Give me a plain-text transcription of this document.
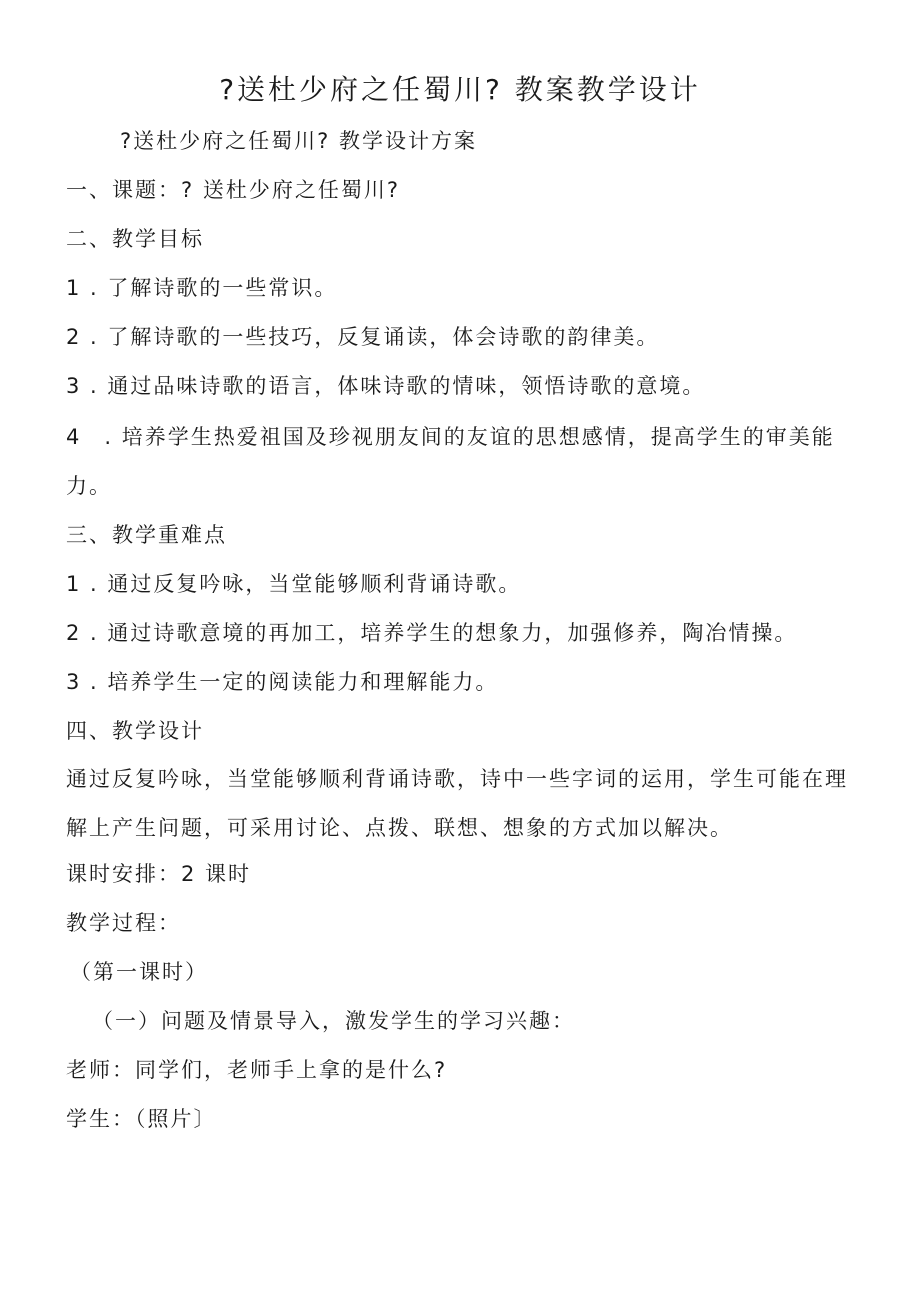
?送杜少府之任蜀川? 教案教学设计
?送杜少府之任蜀川? 教学设计方案
一、课题：? 送杜少府之任蜀川?
二、教学目标
1 . 了解诗歌的一些常识。
2 . 了解诗歌的一些技巧，反复诵读，体会诗歌的韵律美。
3 . 通过品味诗歌的语言，体味诗歌的情味，领悟诗歌的意境。
4　. 培养学生热爱祖国及珍视朋友间的友谊的思想感情，提高学生的审美能
力。
三、教学重难点
1 . 通过反复吟咏，当堂能够顺利背诵诗歌。
2 . 通过诗歌意境的再加工，培养学生的想象力，加强修养，陶冶情操。
3 . 培养学生一定的阅读能力和理解能力。
四、教学设计
通过反复吟咏，当堂能够顺利背诵诗歌，诗中一些字词的运用，学生可能在理
解上产生问题，可采用讨论、点拨、联想、想象的方式加以解决。
课时安排：2 课时
教学过程：
（第一课时）
（一）问题及情景导入，激发学生的学习兴趣：
老师：同学们，老师手上拿的是什么?
学生：（照片〕
